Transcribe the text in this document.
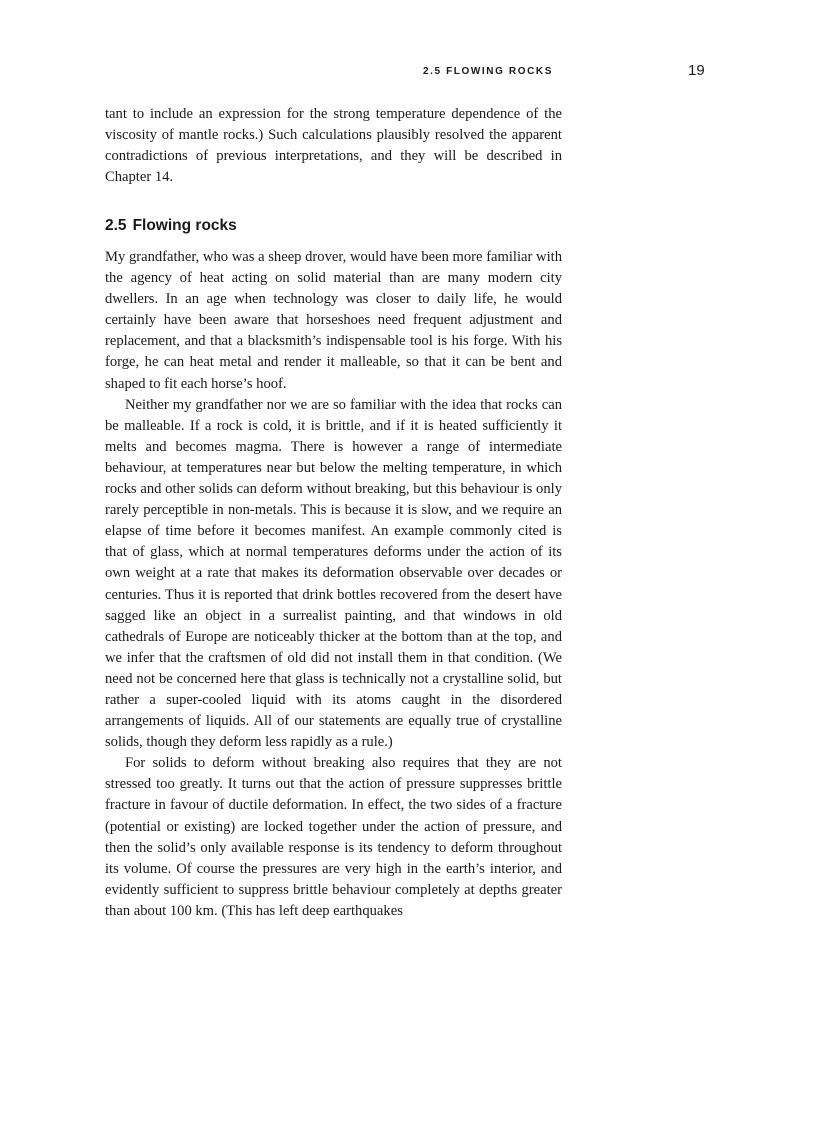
2.5 FLOWING ROCKS	19

tant to include an expression for the strong temperature dependence of the viscosity of mantle rocks.) Such calculations plausibly resolved the apparent contradictions of previous interpretations, and they will be described in Chapter 14.

2.5 Flowing rocks

My grandfather, who was a sheep drover, would have been more familiar with the agency of heat acting on solid material than are many modern city dwellers. In an age when technology was closer to daily life, he would certainly have been aware that horseshoes need frequent adjustment and replacement, and that a blacksmith’s indispensable tool is his forge. With his forge, he can heat metal and render it malleable, so that it can be bent and shaped to fit each horse’s hoof.

Neither my grandfather nor we are so familiar with the idea that rocks can be malleable. If a rock is cold, it is brittle, and if it is heated sufficiently it melts and becomes magma. There is however a range of intermediate behaviour, at temperatures near but below the melting temperature, in which rocks and other solids can deform without breaking, but this behaviour is only rarely perceptible in non-metals. This is because it is slow, and we require an elapse of time before it becomes manifest. An example commonly cited is that of glass, which at normal temperatures deforms under the action of its own weight at a rate that makes its deformation observable over decades or centuries. Thus it is reported that drink bottles recovered from the desert have sagged like an object in a surrealist painting, and that windows in old cathedrals of Europe are noticeably thicker at the bottom than at the top, and we infer that the craftsmen of old did not install them in that condition. (We need not be concerned here that glass is technically not a crystalline solid, but rather a super-cooled liquid with its atoms caught in the disordered arrangements of liquids. All of our statements are equally true of crystalline solids, though they deform less rapidly as a rule.)

For solids to deform without breaking also requires that they are not stressed too greatly. It turns out that the action of pressure suppresses brittle fracture in favour of ductile deformation. In effect, the two sides of a fracture (potential or existing) are locked together under the action of pressure, and then the solid’s only available response is its tendency to deform throughout its volume. Of course the pressures are very high in the earth’s interior, and evidently sufficient to suppress brittle behaviour completely at depths greater than about 100 km. (This has left deep earthquakes
